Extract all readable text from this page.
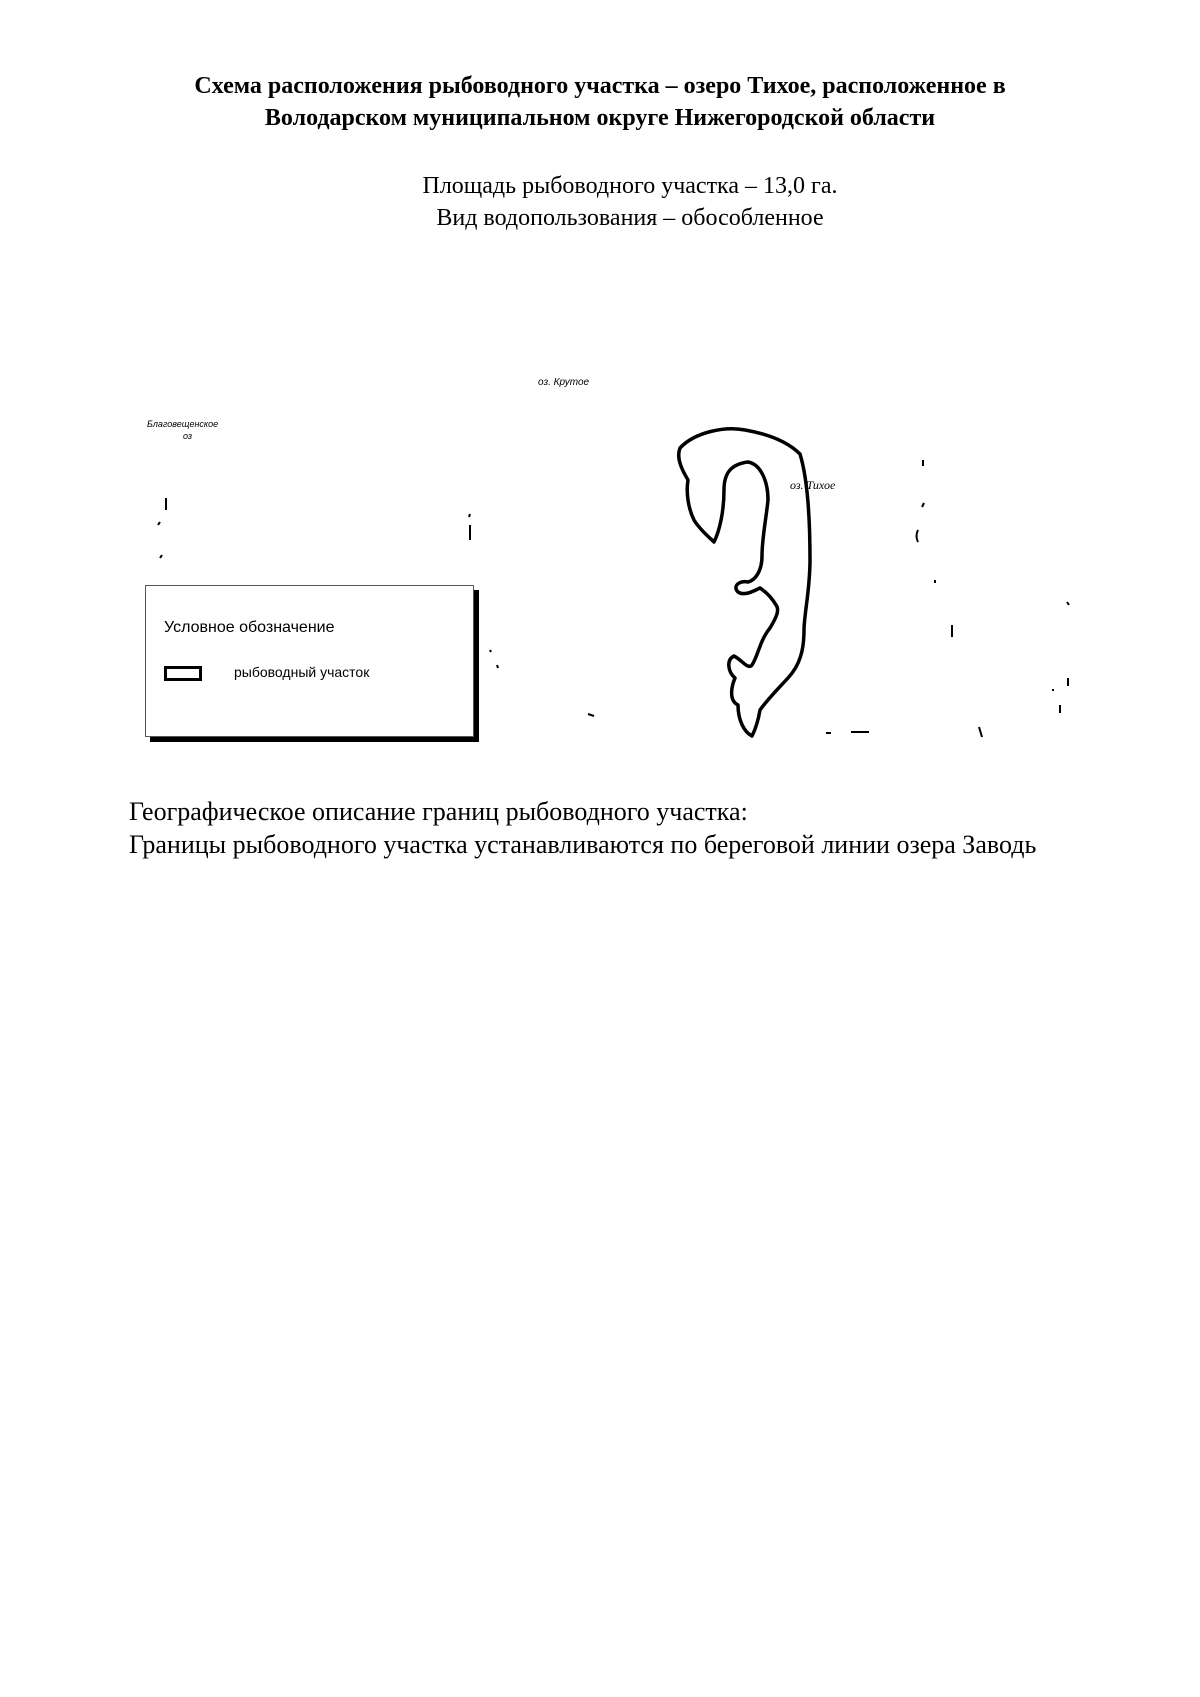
Схема расположения рыбоводного участка – озеро Тихое, расположенное в
Володарском муниципальном округе Нижегородской области
Площадь рыбоводного участка – 13,0 га.
Вид водопользования – обособленное
оз. Крутое
Благовещенское
оз
оз. Тихое
Условное обозначение
рыбоводный участок
Географическое описание границ рыбоводного участка:
Границы рыбоводного участка устанавливаются по береговой линии озера Заводь
